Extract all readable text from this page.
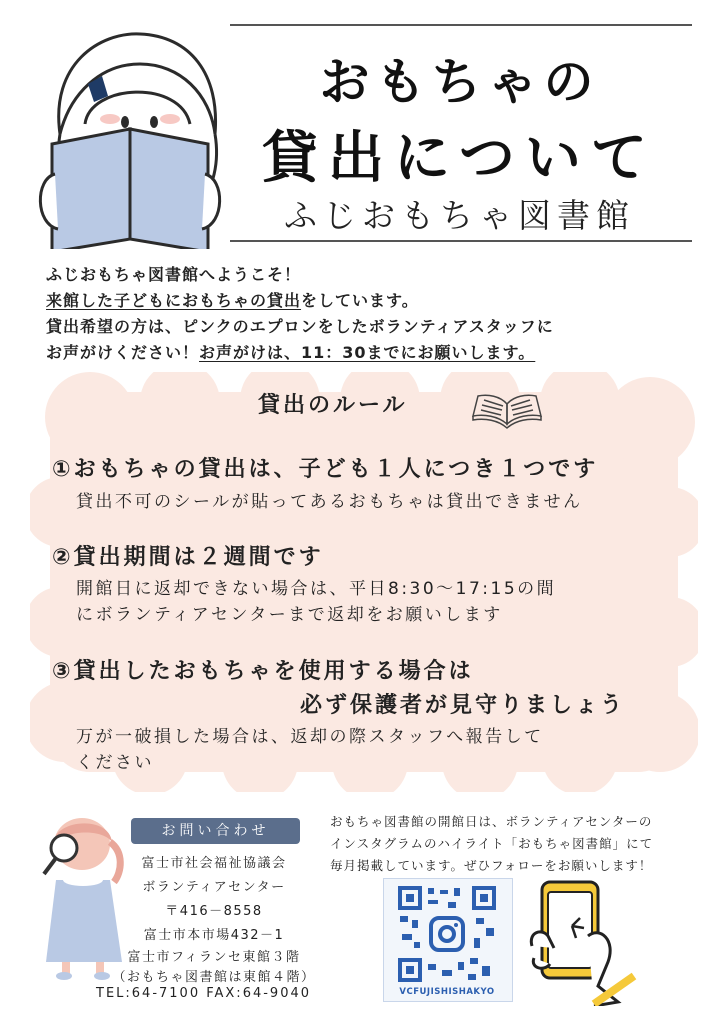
おもちゃの
貸出について
ふじおもちゃ図書館
ふじおもちゃ図書館へようこそ！
来館した子どもにおもちゃの貸出をしています。
貸出希望の方は、ピンクのエプロンをしたボランティアスタッフに
お声がけください！お声がけは、11：30までにお願いします。
貸出のルール
①おもちゃの貸出は、子ども１人につき１つです
貸出不可のシールが貼ってあるおもちゃは貸出できません
②貸出期間は２週間です
開館日に返却できない場合は、平日8:30～17:15の間
にボランティアセンターまで返却をお願いします
③貸出したおもちゃを使用する場合は
必ず保護者が見守りましょう
万が一破損した場合は、返却の際スタッフへ報告して
ください
お問い合わせ
富士市社会福祉協議会
ボランティアセンター
〒416－8558
富士市本市場432－1
富士市フィランセ東館３階
（おもちゃ図書館は東館４階）
TEL:64-7100 FAX:64-9040
おもちゃ図書館の開館日は、ボランティアセンターの
インスタグラムのハイライト「おもちゃ図書館」にて
毎月掲載しています。ぜひフォローをお願いします！
VCFUJISHISHAKYO
